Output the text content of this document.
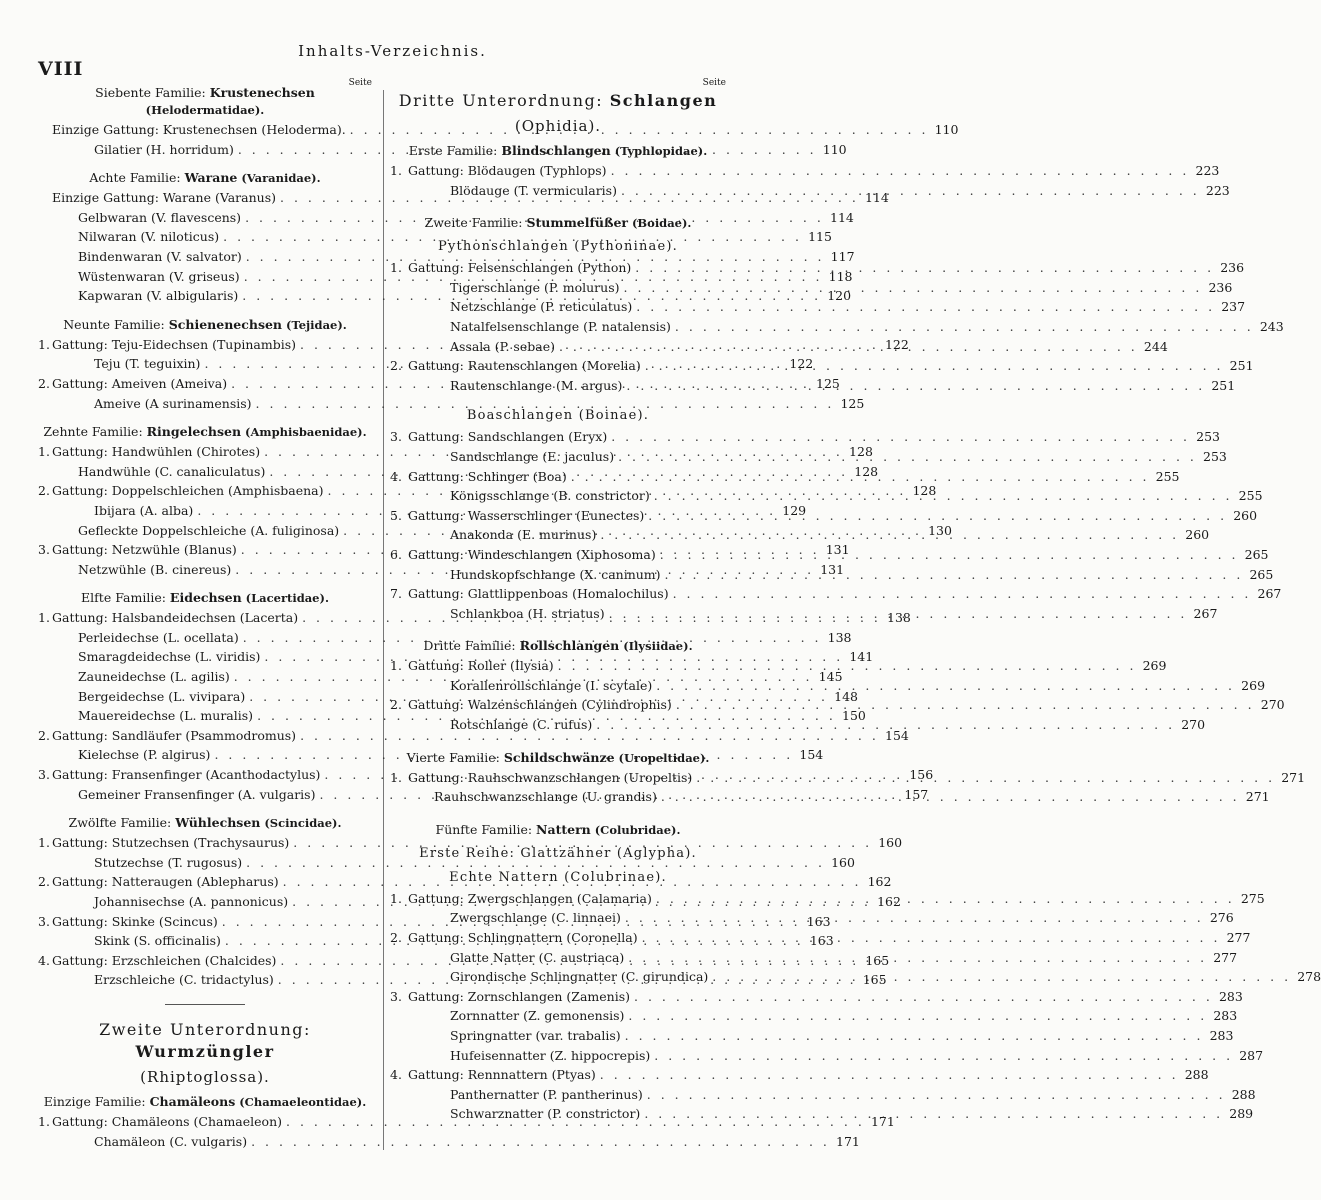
VIII
Inhalts-Verzeichnis.
Seite
Siebente Familie: Krustenechsen
(Helodermatidae).
Einzige Gattung: Krustenechsen (Heloderma). . . .	110
Gilatier (H. horridum) . . .	110
Achte Familie: Warane (Varanidae).
Einzige Gattung: Warane (Varanus) . . .	114
Gelbwaran (V. flavescens) . . .	114
Nilwaran (V. niloticus) . . .	115
Bindenwaran (V. salvator) . . .	117
Wüstenwaran (V. griseus) . . .	118
Kapwaran (V. albigularis) . . .	120
Neunte Familie: Schienenechsen (Tejidae).
1. Gattung: Teju-Eidechsen (Tupinambis) . . .	122
Teju (T. teguixin) . . .	122
2. Gattung: Ameiven (Ameiva) . . .	125
Ameive (A surinamensis) . . .	125
Zehnte Familie: Ringelechsen (Amphisbaenidae).
1. Gattung: Handwühlen (Chirotes) . . .	128
Handwühle (C. canaliculatus) . . .	128
2. Gattung: Doppelschleichen (Amphisbaena) . . .	128
Ibijara (A. alba) . . .	129
Gefleckte Doppelschleiche (A. fuliginosa) . . .	130
3. Gattung: Netzwühle (Blanus) . . .	131
Netzwühle (B. cinereus) . . .	131
Elfte Familie: Eidechsen (Lacertidae).
1. Gattung: Halsbandeidechsen (Lacerta) . . .	138
Perleidechse (L. ocellata) . . .	138
Smaragdeidechse (L. viridis) . . .	141
Zauneidechse (L. agilis) . . .	145
Bergeidechse (L. vivipara) . . .	148
Mauereidechse (L. muralis) . . .	150
2. Gattung: Sandläufer (Psammodromus) . . .	154
Kielechse (P. algirus) . . .	154
3. Gattung: Fransenfinger (Acanthodactylus) . . .	156
Gemeiner Fransenfinger (A. vulgaris) . . .	157
Zwölfte Familie: Wühlechsen (Scincidae).
1. Gattung: Stutzechsen (Trachysaurus) . . .	160
Stutzechse (T. rugosus) . . .	160
2. Gattung: Natteraugen (Ablepharus) . . .	162
Johannisechse (A. pannonicus) . . .	162
3. Gattung: Skinke (Scincus) . . .	163
Skink (S. officinalis) . . .	163
4. Gattung: Erzschleichen (Chalcides) . . .	165
Erzschleiche (C. tridactylus) . . .	165
Zweite Unterordnung: Wurmzüngler
(Rhiptoglossa).
Einzige Familie: Chamäleons (Chamaeleontidae).
1. Gattung: Chamäleons (Chamaeleon) . . .	171
Chamäleon (C. vulgaris) . . .	171
Seite
Dritte Unterordnung: Schlangen
(Ophidia).
Erste Familie: Blindschlangen (Typhlopidae).
1. Gattung: Blödaugen (Typhlops) . . .	223
Blödauge (T. vermicularis) . . .	223
Zweite Familie: Stummelfüßer (Boidae).
Pythonschlangen (Pythoninae).
1. Gattung: Felsenschlangen (Python) . . .	236
Tigerschlange (P. molurus) . . .	236
Netzschlange (P. reticulatus) . . .	237
Natalfelsenschlange (P. natalensis) . . .	243
Assala (P. sebae) . . .	244
2. Gattung: Rautenschlangen (Morelia) . . .	251
Rautenschlange (M. argus) . . .	251
Boaschlangen (Boinae).
3. Gattung: Sandschlangen (Eryx) . . .	253
Sandschlange (E. jaculus) . . .	253
4. Gattung: Schlinger (Boa) . . .	255
Königsschlange (B. constrictor) . . .	255
5. Gattung: Wasserschlinger (Eunectes) . . .	260
Anakonda (E. murinus) . . .	260
6. Gattung: Windeschlangen (Xiphosoma) . . .	265
Hundskopfschlange (X. caninum) . . .	265
7. Gattung: Glattlippenboas (Homalochilus) . . .	267
Schlankboa (H. striatus) . . .	267
Dritte Familie: Rollschlangen (Ilysiidae).
1. Gattung: Roller (Ilysia) . . .	269
Korallenrollschlange (I. scytale) . . .	269
2. Gattung: Walzenschlangen (Cylindrophis) . . .	270
Rotschlange (C. rufus) . . .	270
Vierte Familie: Schildschwänze (Uropeltidae).
1. Gattung: Rauhschwanzschlangen (Uropeltis) . . .	271
Rauhschwanzschlange (U. grandis) . . .	271
Fünfte Familie: Nattern (Colubridae).
Erste Reihe: Glattzähner (Aglypha).
Echte Nattern (Colubrinae).
1. Gattung: Zwergschlangen (Calamaria) . . .	275
Zwergschlange (C. linnaei) . . .	276
2. Gattung: Schlingnattern (Coronella) . . .	277
Glatte Natter (C. austriaca) . . .	277
Girondische Schlingnatter (C. girundica) . . .	278
3. Gattung: Zornschlangen (Zamenis) . . .	283
Zornnatter (Z. gemonensis) . . .	283
Springnatter (var. trabalis) . . .	283
Hufeisennatter (Z. hippocrepis) . . .	287
4. Gattung: Rennnattern (Ptyas) . . .	288
Panthernatter (P. pantherinus) . . .	288
Schwarznatter (P. constrictor) . . .	289
